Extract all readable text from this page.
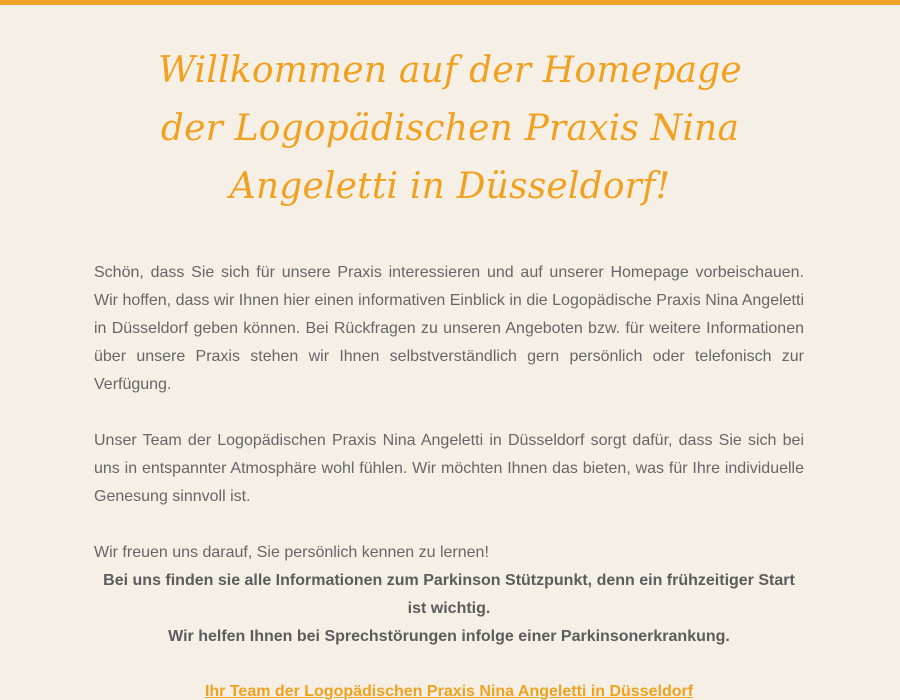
Willkommen auf der Homepage der Logopädischen Praxis Nina Angeletti in Düsseldorf!

Schön, dass Sie sich für unsere Praxis interessieren und auf unserer Homepage vorbeischauen. Wir hoffen, dass wir Ihnen hier einen informativen Einblick in die Logopädische Praxis Nina Angeletti in Düsseldorf geben können. Bei Rückfragen zu unseren Angeboten bzw. für weitere Informationen über unsere Praxis stehen wir Ihnen selbstverständlich gern persönlich oder telefonisch zur Verfügung.

Unser Team der Logopädischen Praxis Nina Angeletti in Düsseldorf sorgt dafür, dass Sie sich bei uns in entspannter Atmosphäre wohl fühlen. Wir möchten Ihnen das bieten, was für Ihre individuelle Genesung sinnvoll ist.

Wir freuen uns darauf, Sie persönlich kennen zu lernen!

Bei uns finden sie alle Informationen zum Parkinson Stützpunkt, denn ein frühzeitiger Start ist wichtig.
Wir helfen Ihnen bei Sprechstörungen infolge einer Parkinsonerkrankung.
Ihr Team der Logopädischen Praxis Nina Angeletti in Düsseldorf
